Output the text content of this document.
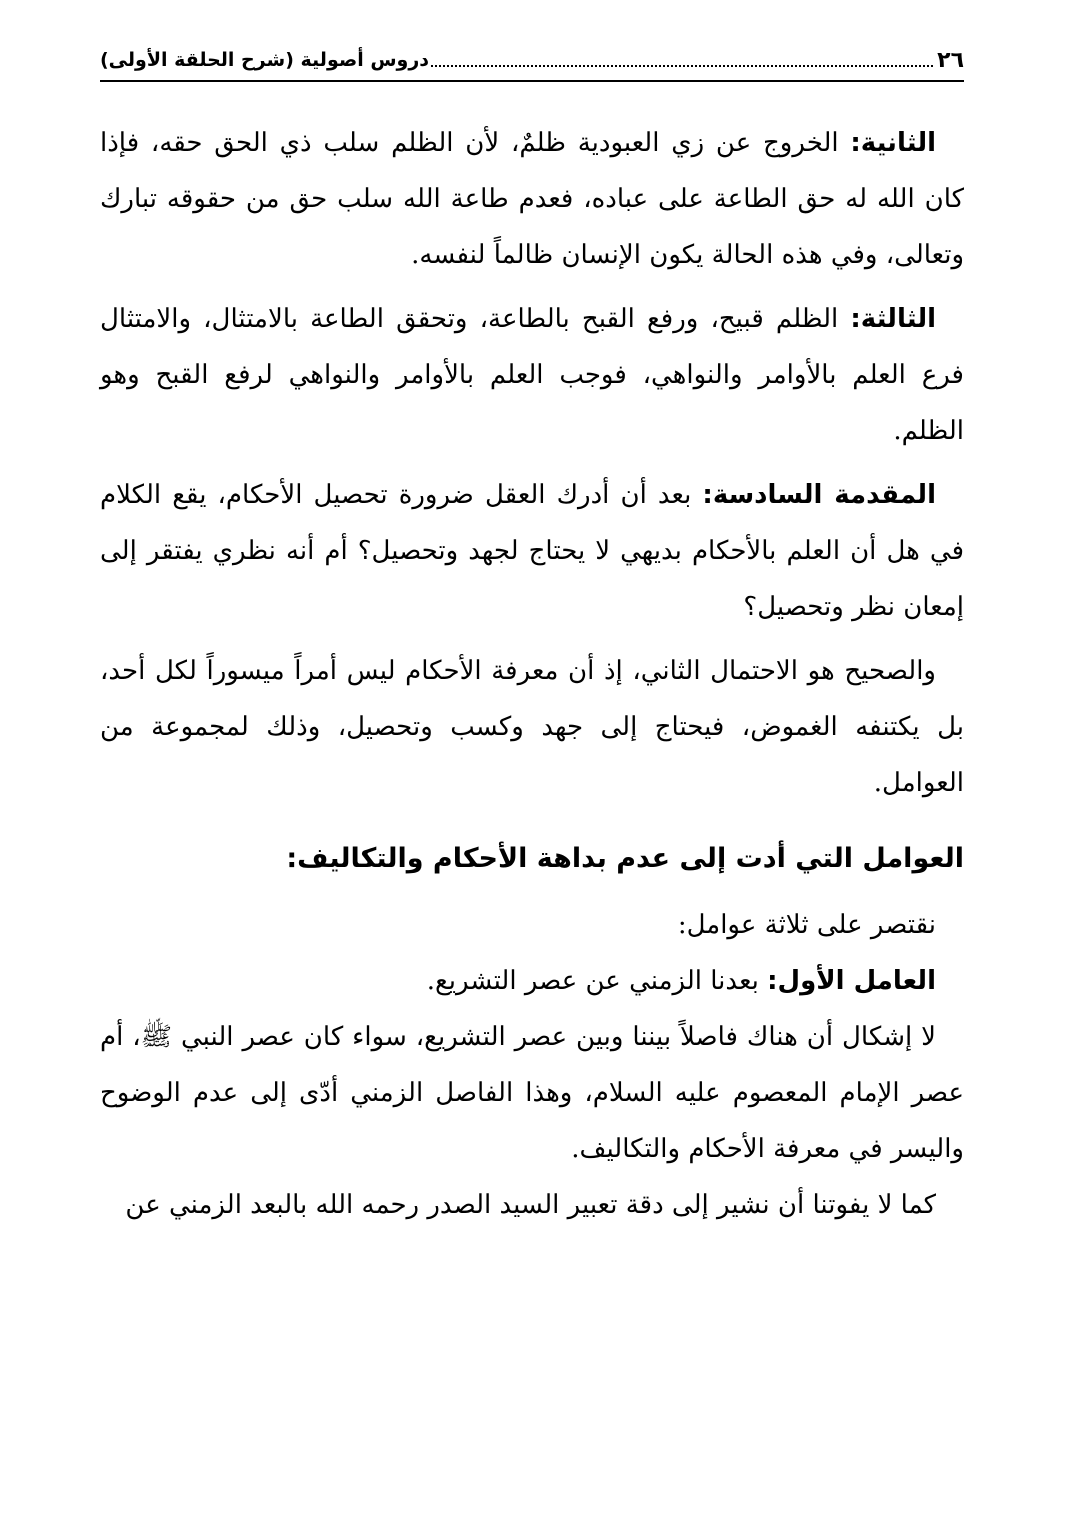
٢٦
دروس أصولية (شرح الحلقة الأولى)

الثانية: الخروج عن زي العبودية ظلمٌ، لأن الظلم سلب ذي الحق حقه، فإذا كان الله له حق الطاعة على عباده، فعدم طاعة الله سلب حق من حقوقه تبارك وتعالى، وفي هذه الحالة يكون الإنسان ظالماً لنفسه.

الثالثة: الظلم قبيح، ورفع القبح بالطاعة، وتحقق الطاعة بالامتثال، والامتثال فرع العلم بالأوامر والنواهي، فوجب العلم بالأوامر والنواهي لرفع القبح وهو الظلم.

المقدمة السادسة: بعد أن أدرك العقل ضرورة تحصيل الأحكام، يقع الكلام في هل أن العلم بالأحكام بديهي لا يحتاج لجهد وتحصيل؟ أم أنه نظري يفتقر إلى إمعان نظر وتحصيل؟

والصحيح هو الاحتمال الثاني، إذ أن معرفة الأحكام ليس أمراً ميسوراً لكل أحد، بل يكتنفه الغموض، فيحتاج إلى جهد وكسب وتحصيل، وذلك لمجموعة من العوامل.

العوامل التي أدت إلى عدم بداهة الأحكام والتكاليف:

نقتصر على ثلاثة عوامل:

العامل الأول: بعدنا الزمني عن عصر التشريع.

لا إشكال أن هناك فاصلاً بيننا وبين عصر التشريع، سواء كان عصر النبي ﷺ، أم عصر الإمام المعصوم عليه السلام، وهذا الفاصل الزمني أدّى إلى عدم الوضوح واليسر في معرفة الأحكام والتكاليف.

كما لا يفوتنا أن نشير إلى دقة تعبير السيد الصدر رحمه الله بالبعد الزمني عن
